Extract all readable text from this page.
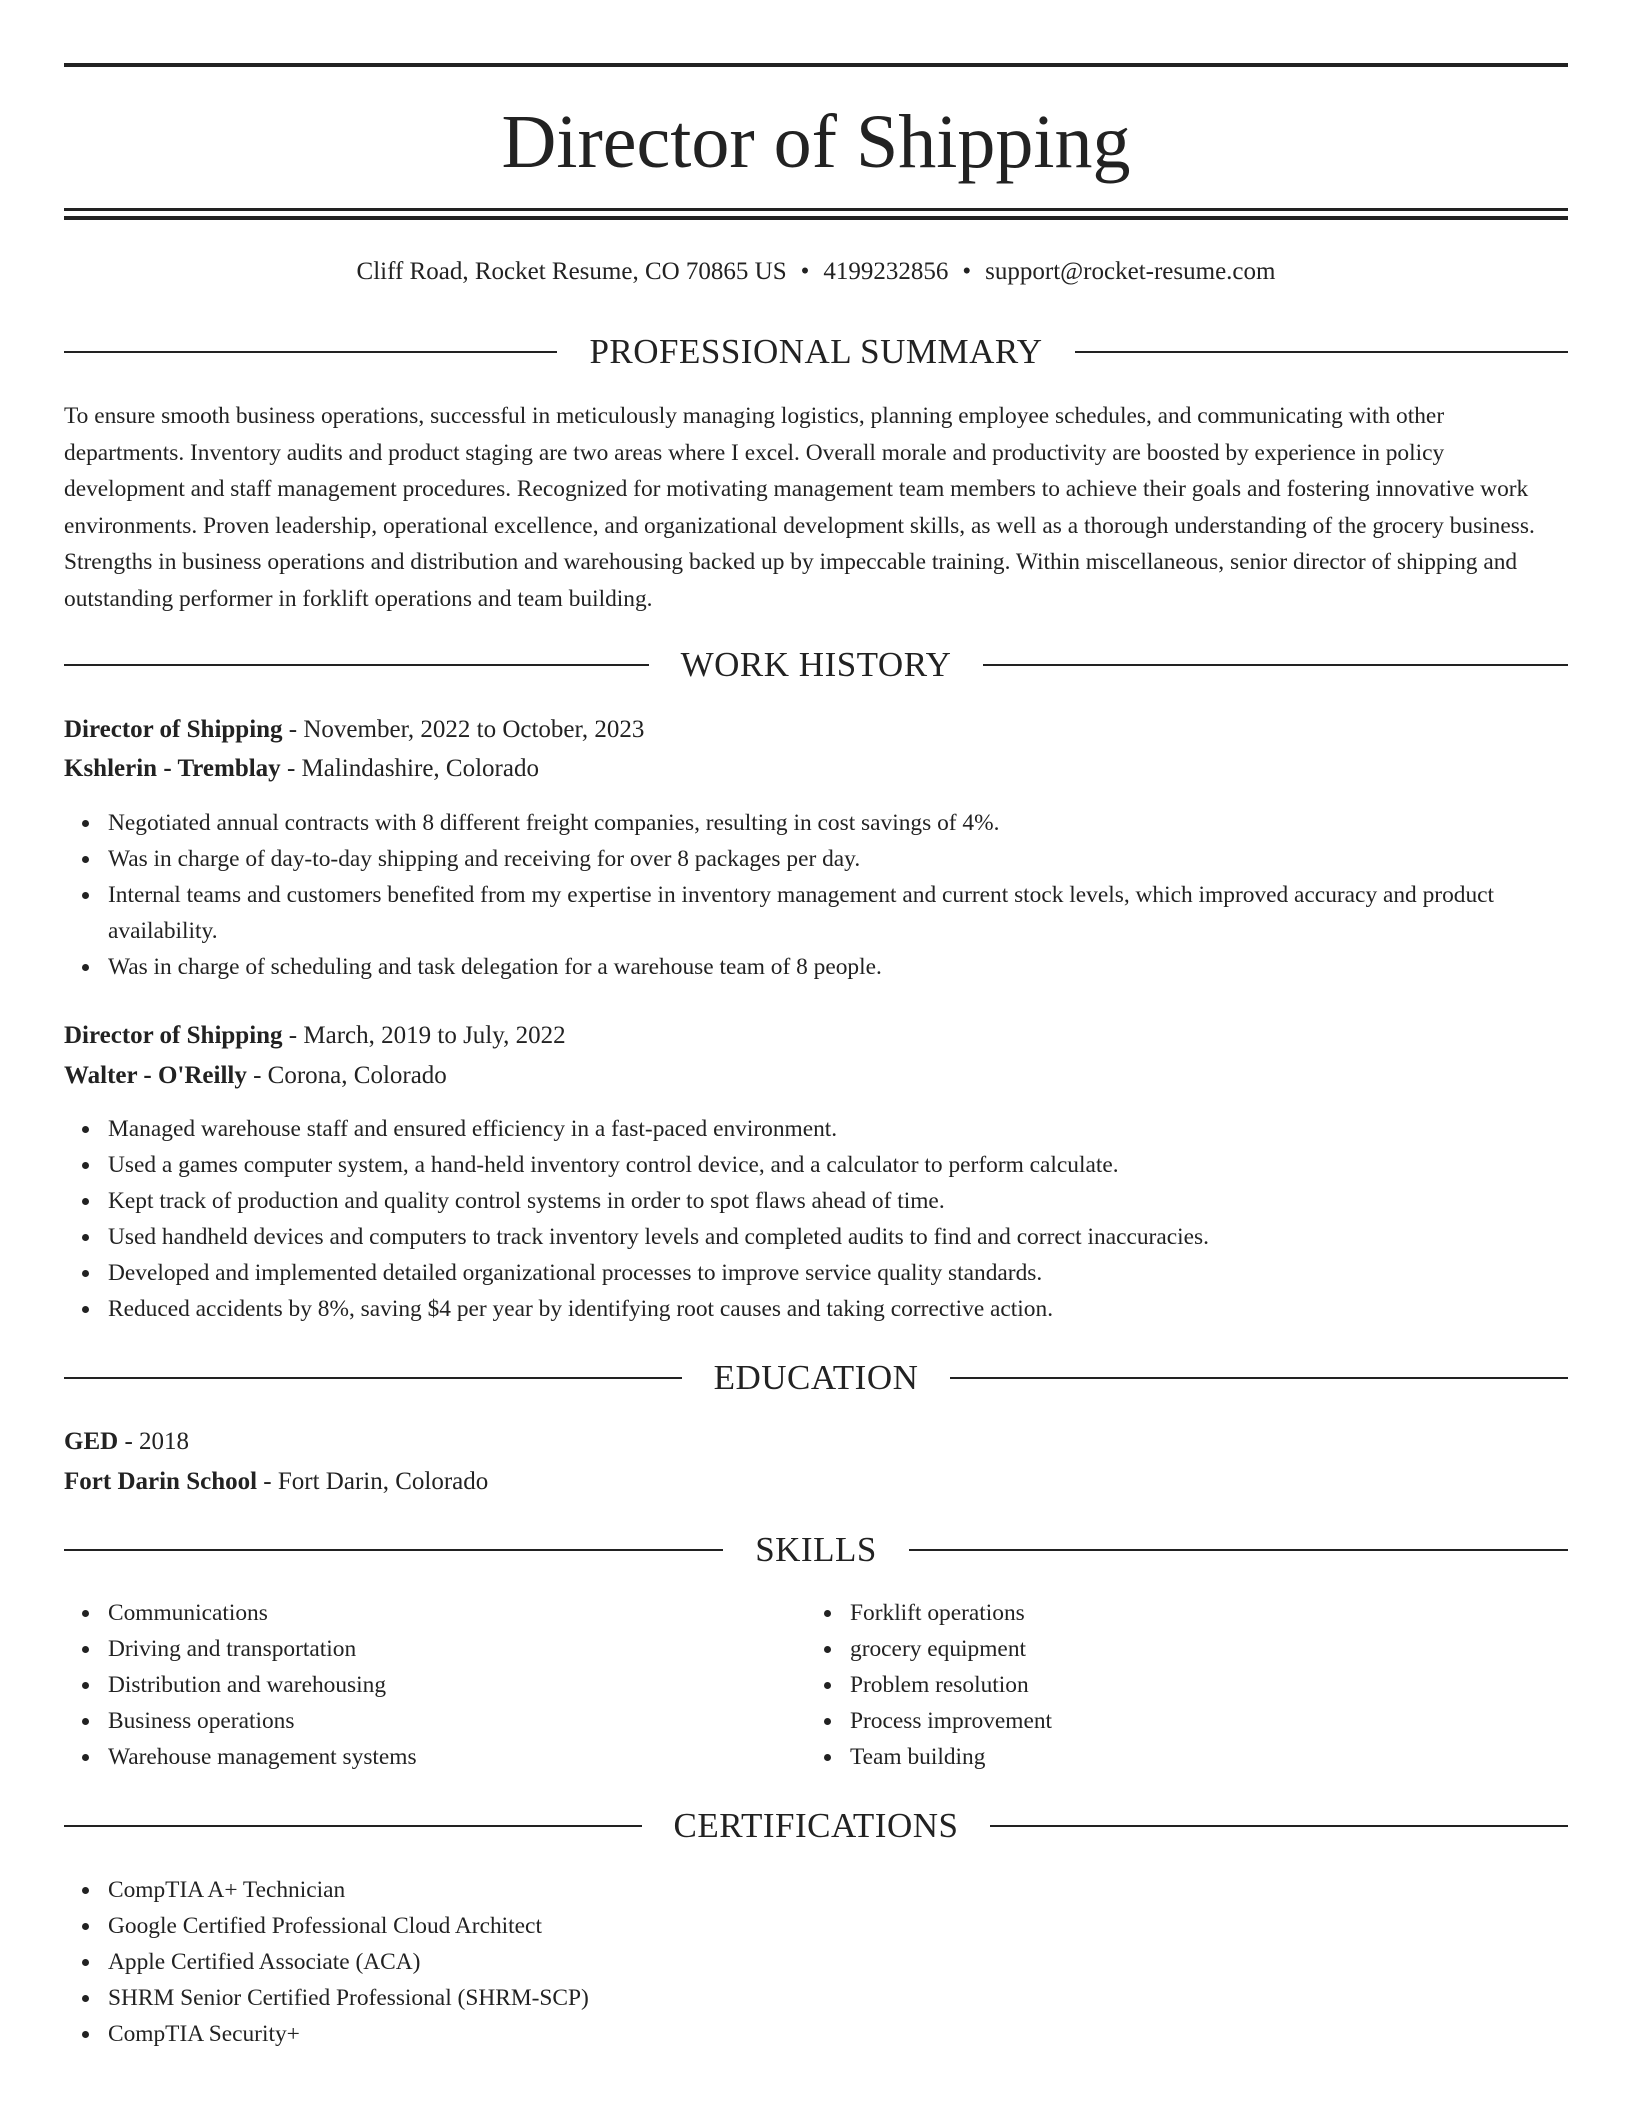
Director of Shipping
Cliff Road, Rocket Resume, CO 70865 US • 4199232856 • support@rocket-resume.com
PROFESSIONAL SUMMARY

To ensure smooth business operations, successful in meticulously managing logistics, planning employee schedules, and communicating with other departments. Inventory audits and product staging are two areas where I excel. Overall morale and productivity are boosted by experience in policy development and staff management procedures. Recognized for motivating management team members to achieve their goals and fostering innovative work environments. Proven leadership, operational excellence, and organizational development skills, as well as a thorough understanding of the grocery business. Strengths in business operations and distribution and warehousing backed up by impeccable training. Within miscellaneous, senior director of shipping and outstanding performer in forklift operations and team building.

WORK HISTORY
Director of Shipping - November, 2022 to October, 2023
Kshlerin - Tremblay - Malindashire, Colorado
Negotiated annual contracts with 8 different freight companies, resulting in cost savings of 4%.
Was in charge of day-to-day shipping and receiving for over 8 packages per day.
Internal teams and customers benefited from my expertise in inventory management and current stock levels, which improved accuracy and product availability.
Was in charge of scheduling and task delegation for a warehouse team of 8 people.
Director of Shipping - March, 2019 to July, 2022
Walter - O'Reilly - Corona, Colorado
Managed warehouse staff and ensured efficiency in a fast-paced environment.
Used a games computer system, a hand-held inventory control device, and a calculator to perform calculate.
Kept track of production and quality control systems in order to spot flaws ahead of time.
Used handheld devices and computers to track inventory levels and completed audits to find and correct inaccuracies.
Developed and implemented detailed organizational processes to improve service quality standards.
Reduced accidents by 8%, saving $4 per year by identifying root causes and taking corrective action.
EDUCATION
GED - 2018
Fort Darin School - Fort Darin, Colorado
SKILLS
Communications
Driving and transportation
Distribution and warehousing
Business operations
Warehouse management systems
Forklift operations
grocery equipment
Problem resolution
Process improvement
Team building
CERTIFICATIONS
CompTIA A+ Technician
Google Certified Professional Cloud Architect
Apple Certified Associate (ACA)
SHRM Senior Certified Professional (SHRM-SCP)
CompTIA Security+
